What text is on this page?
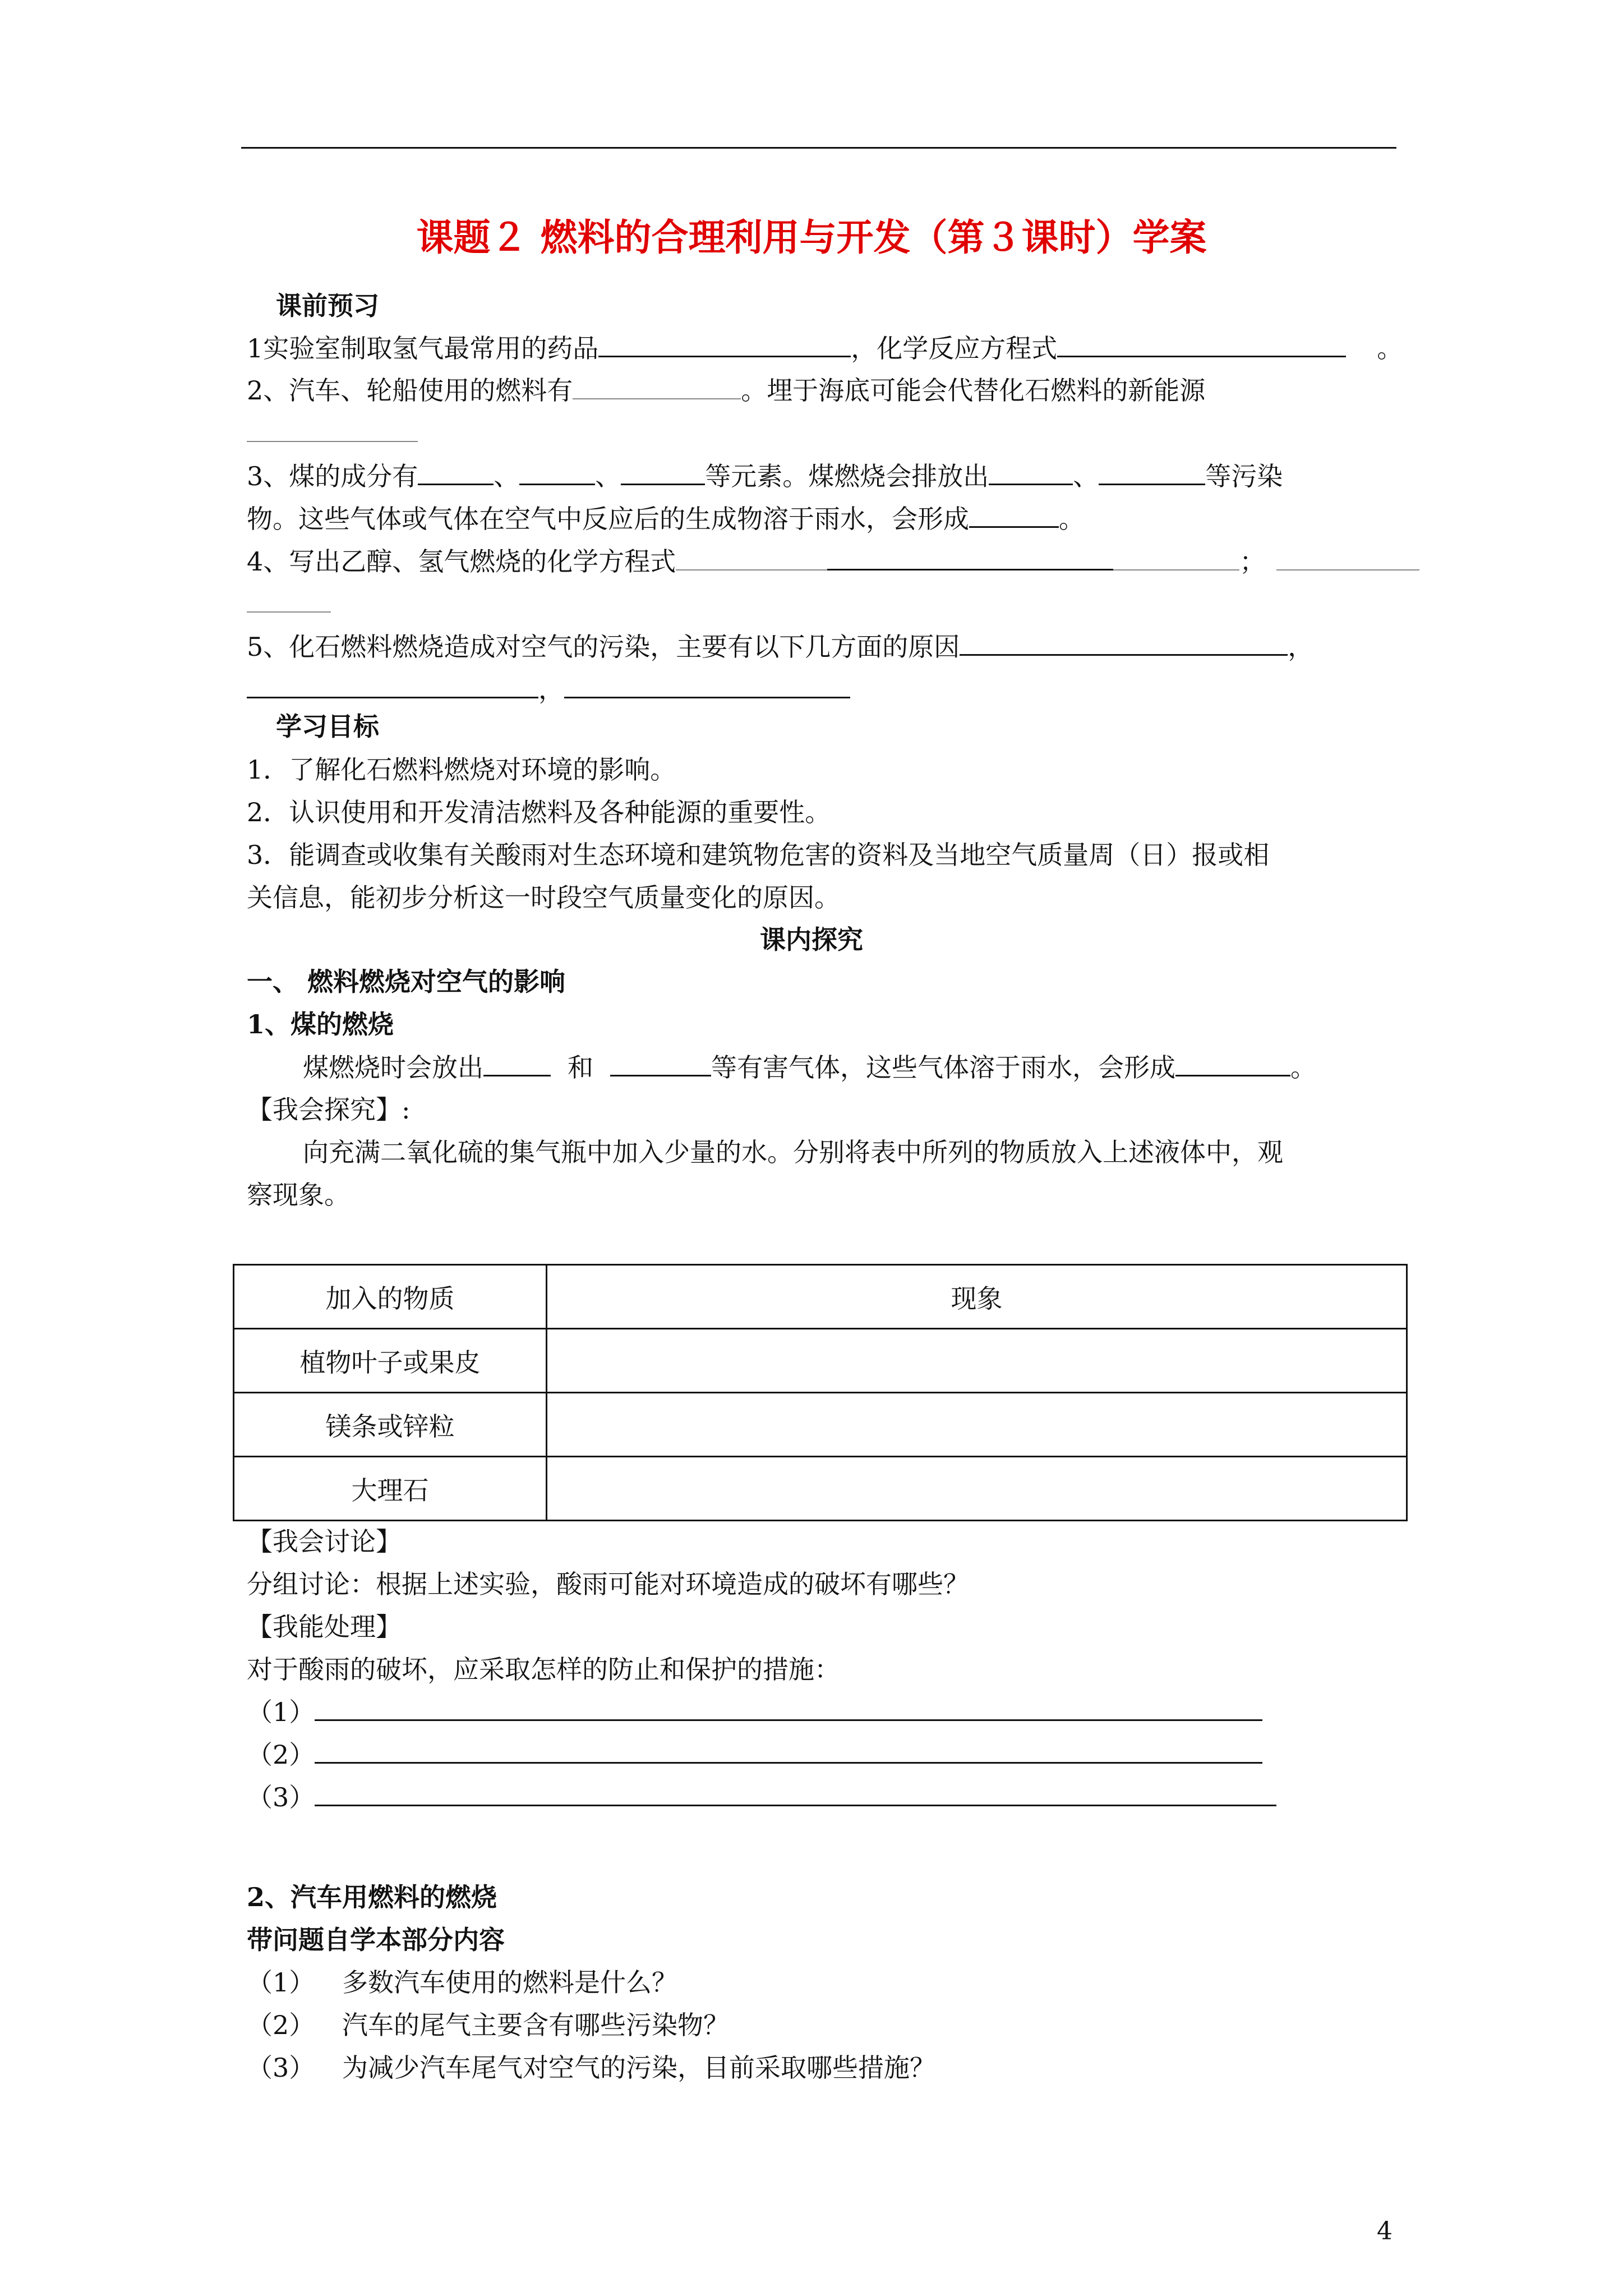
课题２ 燃料的合理利用与开发（第３课时）学案
课前预习
1实验室制取氢气最常用的药品	，化学反应方程式	。
2、汽车、轮船使用的燃料有	。埋于海底可能会代替化石燃料的新能源
3、煤的成分有	、	、	等元素。煤燃烧会排放出	、	等污染
物。这些气体或气体在空气中反应后的生成物溶于雨水，会形成	。
4、写出乙醇、氢气燃烧的化学方程式	；
5、化石燃料燃烧造成对空气的污染，主要有以下几方面的原因	，
，
学习目标
1．了解化石燃料燃烧对环境的影响。
2．认识使用和开发清洁燃料及各种能源的重要性。
3．能调查或收集有关酸雨对生态环境和建筑物危害的资料及当地空气质量周（日）报或相
关信息，能初步分析这一时段空气质量变化的原因。
课内探究
一、 燃料燃烧对空气的影响
1、煤的燃烧
煤燃烧时会放出	和	等有害气体，这些气体溶于雨水，会形成	。
【我会探究】:
向充满二氧化硫的集气瓶中加入少量的水。分别将表中所列的物质放入上述液体中，观
察现象。
加入的物质	现象
植物叶子或果皮	
镁条或锌粒	
大理石	
【我会讨论】
分组讨论：根据上述实验，酸雨可能对环境造成的破坏有哪些？
【我能处理】
对于酸雨的破坏，应采取怎样的防止和保护的措施：
（1）
（2）
（3）
2、汽车用燃料的燃烧
带问题自学本部分内容
（1） 多数汽车使用的燃料是什么？
（2） 汽车的尾气主要含有哪些污染物？
（3） 为减少汽车尾气对空气的污染，目前采取哪些措施？
4
